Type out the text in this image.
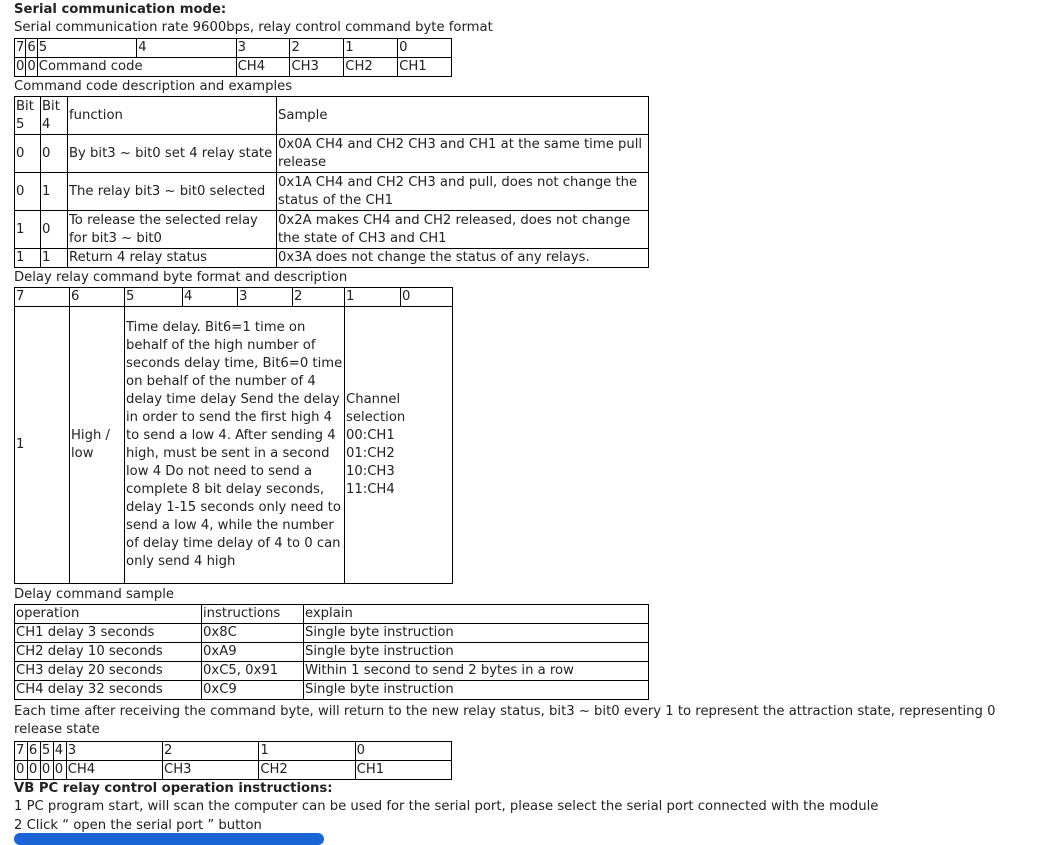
Serial communication mode:
Serial communication rate 9600bps, relay control command byte format
7	6	5	4	3	2	1	0
0	0	Command code		CH4	CH3	CH2	CH1
Command code description and examples
Bit 5	Bit 4	function	Sample
0	0	By bit3 ~ bit0 set 4 relay state	0x0A CH4 and CH2 CH3 and CH1 at the same time pull release
0	1	The relay bit3 ~ bit0 selected	0x1A CH4 and CH2 CH3 and pull, does not change the status of the CH1
1	0	To release the selected relay for bit3 ~ bit0	0x2A makes CH4 and CH2 released, does not change the state of CH3 and CH1
1	1	Return 4 relay status	0x3A does not change the status of any relays.
Delay relay command byte format and description
7	6	5	4	3	2	1	0
1	High / low	Time delay. Bit6=1 time on behalf of the high number of seconds delay time, Bit6=0 time on behalf of the number of 4 delay time delay Send the delay in order to send the first high 4 to send a low 4. After sending 4 high, must be sent in a second low 4 Do not need to send a complete 8 bit delay seconds, delay 1-15 seconds only need to send a low 4, while the number of delay time delay of 4 to 0 can only send 4 high				Channel selection 00:CH1 01:CH2 10:CH3 11:CH4	
Delay command sample
operation	instructions	explain
CH1 delay 3 seconds	0x8C	Single byte instruction
CH2 delay 10 seconds	0xA9	Single byte instruction
CH3 delay 20 seconds	0xC5, 0x91	Within 1 second to send 2 bytes in a row
CH4 delay 32 seconds	0xC9	Single byte instruction
Each time after receiving the command byte, will return to the new relay status, bit3 ~ bit0 every 1 to represent the attraction state, representing 0 release state
7	6	5	4	3	2	1	0
0	0	0	0	CH4	CH3	CH2	CH1
VB PC relay control operation instructions:
1 PC program start, will scan the computer can be used for the serial port, please select the serial port connected with the module
2 Click “ open the serial port ” button
